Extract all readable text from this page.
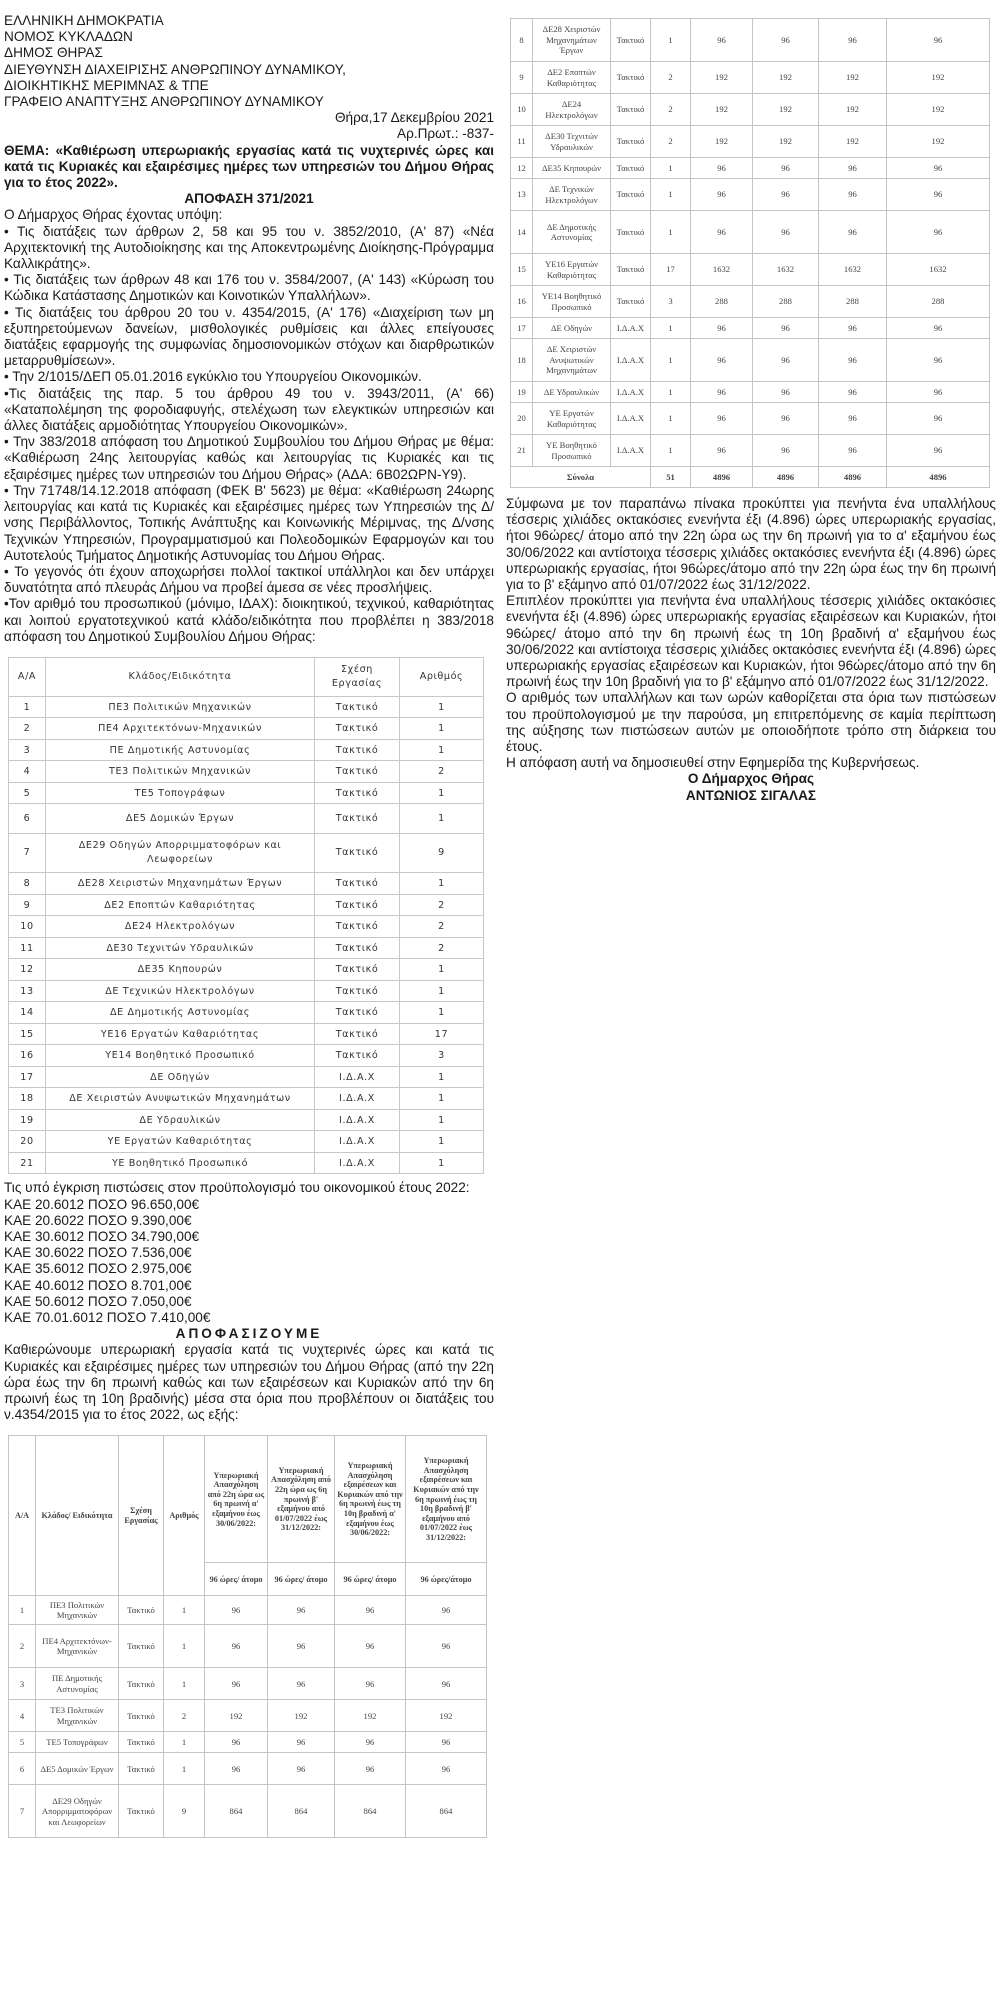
ΕΛΛΗΝΙΚΗ ΔΗΜΟΚΡΑΤΙΑ

ΝΟΜΟΣ ΚΥΚΛΑΔΩΝ

ΔΗΜΟΣ ΘΗΡΑΣ

ΔΙΕΥΘΥΝΣΗ ΔΙΑΧΕΙΡΙΣΗΣ ΑΝΘΡΩΠΙΝΟΥ ΔΥΝΑΜΙΚΟΥ,

ΔΙΟΙΚΗΤΙΚΗΣ ΜΕΡΙΜΝΑΣ & ΤΠΕ

ΓΡΑΦΕΙΟ ΑΝΑΠΤΥΞΗΣ ΑΝΘΡΩΠΙΝΟΥ ΔΥΝΑΜΙΚΟΥ

Θήρα,17 Δεκεμβρίου 2021

Αρ.Πρωτ.: -837-

ΘΕΜΑ: «Καθιέρωση υπερωριακής εργασίας κατά τις νυχτερινές ώρες και κατά τις Κυριακές και εξαιρέσιμες ημέρες των υπηρεσιών του Δήμου Θήρας για το έτος 2022».

ΑΠΟΦΑΣΗ 371/2021

Ο Δήμαρχος Θήρας έχοντας υπόψη:

• Τις διατάξεις των άρθρων 2, 58 και 95 του ν. 3852/2010, (Α' 87) «Νέα Αρχιτεκτονική της Αυτοδιοίκησης και της Αποκεντρωμένης Διοίκησης-Πρόγραμμα Καλλικράτης».

• Τις διατάξεις των άρθρων 48 και 176 του ν. 3584/2007, (Α' 143) «Κύρωση του Κώδικα Κατάστασης Δημοτικών και Κοινοτικών Υπαλλήλων».

• Τις διατάξεις του άρθρου 20 του ν. 4354/2015, (Α' 176) «Διαχείριση των μη εξυπηρετούμενων δανείων, μισθολογικές ρυθμίσεις και άλλες επείγουσες διατάξεις εφαρμογής της συμφωνίας δημοσιονομικών στόχων και διαρθρωτικών μεταρρυθμίσεων».

• Την 2/1015/ΔΕΠ 05.01.2016 εγκύκλιο του Υπουργείου Οικονομικών.

•Τις διατάξεις της παρ. 5 του άρθρου 49 του ν. 3943/2011, (Α' 66) «Καταπολέμηση της φοροδιαφυγής, στελέχωση των ελεγκτικών υπηρεσιών και άλλες διατάξεις αρμοδιότητας Υπουργείου Οικονομικών».

• Την 383/2018 απόφαση του Δημοτικού Συμβουλίου του Δήμου Θήρας με θέμα: «Καθιέρωση 24ης λειτουργίας καθώς και λειτουργίας τις Κυριακές και τις εξαιρέσιμες ημέρες των υπηρεσιών του Δήμου Θήρας» (ΑΔΑ: 6Β02ΩΡΝ-Υ9).

• Την 71748/14.12.2018 απόφαση (ΦΕΚ Β' 5623) με θέμα: «Καθιέρωση 24ωρης λειτουργίας και κατά τις Κυριακές και εξαιρέσιμες ημέρες των Υπηρεσιών της Δ/νσης Περιβάλλοντος, Τοπικής Ανάπτυξης και Κοινωνικής Μέριμνας, της Δ/νσης Τεχνικών Υπηρεσιών, Προγραμματισμού και Πολεοδομικών Εφαρμογών και του Αυτοτελούς Τμήματος Δημοτικής Αστυνομίας του Δήμου Θήρας.

• Το γεγονός ότι έχουν αποχωρήσει πολλοί τακτικοί υπάλληλοι και δεν υπάρχει δυνατότητα από πλευράς Δήμου να προβεί άμεσα σε νέες προσλήψεις.

•Τον αριθμό του προσωπικού (μόνιμο, ΙΔΑΧ): διοικητικού, τεχνικού, καθαριότητας και λοιπού εργατοτεχνικού κατά κλάδο/ειδικότητα που προβλέπει η 383/2018 απόφαση του Δημοτικού Συμβουλίου Δήμου Θήρας:

Α/Α	Κλάδος/Ειδικότητα	Σχέση Εργασίας	Αριθμός
1	ΠΕ3 Πολιτικών Μηχανικών	Τακτικό	1
2	ΠΕ4 Αρχιτεκτόνων-Μηχανικών	Τακτικό	1
3	ΠΕ Δημοτικής Αστυνομίας	Τακτικό	1
4	ΤΕ3 Πολιτικών Μηχανικών	Τακτικό	2
5	ΤΕ5 Τοπογράφων	Τακτικό	1
6	ΔΕ5 Δομικών Έργων	Τακτικό	1
7	ΔΕ29 Οδηγών Απορριμματοφόρων και Λεωφορείων	Τακτικό	9
8	ΔΕ28 Χειριστών Μηχανημάτων Έργων	Τακτικό	1
9	ΔΕ2 Εποπτών Καθαριότητας	Τακτικό	2
10	ΔΕ24 Ηλεκτρολόγων	Τακτικό	2
11	ΔΕ30 Τεχνιτών Υδραυλικών	Τακτικό	2
12	ΔΕ35 Κηπουρών	Τακτικό	1
13	ΔΕ Τεχνικών Ηλεκτρολόγων	Τακτικό	1
14	ΔΕ Δημοτικής Αστυνομίας	Τακτικό	1
15	ΥΕ16 Εργατών Καθαριότητας	Τακτικό	17
16	ΥΕ14 Βοηθητικό Προσωπικό	Τακτικό	3
17	ΔΕ Οδηγών	Ι.Δ.Α.Χ	1
18	ΔΕ Χειριστών Ανυψωτικών Μηχανημάτων	Ι.Δ.Α.Χ	1
19	ΔΕ Υδραυλικών	Ι.Δ.Α.Χ	1
20	ΥΕ Εργατών Καθαριότητας	Ι.Δ.Α.Χ	1
21	ΥΕ Βοηθητικό Προσωπικό	Ι.Δ.Α.Χ	1

Τις υπό έγκριση πιστώσεις στον προϋπολογισμό του οικονομικού έτους 2022:

ΚΑΕ 20.6012 ΠΟΣΟ 96.650,00€

ΚΑΕ 20.6022 ΠΟΣΟ 9.390,00€

ΚΑΕ 30.6012 ΠΟΣΟ 34.790,00€

ΚΑΕ 30.6022 ΠΟΣΟ 7.536,00€

ΚΑΕ 35.6012 ΠΟΣΟ 2.975,00€

ΚΑΕ 40.6012 ΠΟΣΟ 8.701,00€

ΚΑΕ 50.6012 ΠΟΣΟ 7.050,00€

ΚΑΕ 70.01.6012 ΠΟΣΟ 7.410,00€

ΑΠΟΦΑΣΙΖΟΥΜΕ

Καθιερώνουμε υπερωριακή εργασία κατά τις νυχτερινές ώρες και κατά τις Κυριακές και εξαιρέσιμες ημέρες των υπηρεσιών του Δήμου Θήρας (από την 22η ώρα έως την 6η πρωινή καθώς και των εξαιρέσεων και Κυριακών από την 6η πρωινή έως τη 10η βραδινής) μέσα στα όρια που προβλέπουν οι διατάξεις του ν.4354/2015 για το έτος 2022, ως εξής:

Α/Α	Κλάδος/ Ειδικότητα	Σχέση Εργασίας	Αριθμός	Υπερωριακή Απασχόληση από 22η ώρα ως 6η πρωινή α' εξαμήνου έως 30/06/2022:	Υπερωριακή Απασχόληση από 22η ώρα ως 6η πρωινή β' εξαμήνου από 01/07/2022 έως 31/12/2022:	Υπερωριακή Απασχόληση εξαιρέσεων και Κυριακών από την 6η πρωινή έως τη 10η βραδινή α' εξαμήνου έως 30/06/2022:	Υπερωριακή Απασχόληση εξαιρέσεων και Κυριακών από την 6η πρωινή έως τη 10η βραδινή β' εξαμήνου από 01/07/2022 έως 31/12/2022:
				96 ώρες/ άτομο	96 ώρες/ άτομο	96 ώρες/ άτομο	96 ώρες/άτομο
1	ΠΕ3 Πολιτικών Μηχανικών	Τακτικό	1	96	96	96	96
2	ΠΕ4 Αρχιτεκτόνων-Μηχανικών	Τακτικό	1	96	96	96	96
3	ΠΕ Δημοτικής Αστυνομίας	Τακτικό	1	96	96	96	96
4	ΤΕ3 Πολιτικών Μηχανικών	Τακτικό	2	192	192	192	192
5	ΤΕ5 Τοπογράφων	Τακτικό	1	96	96	96	96
6	ΔΕ5 Δομικών Έργων	Τακτικό	1	96	96	96	96
7	ΔΕ29 Οδηγών Απορριμματοφόρων και Λεωφορείων	Τακτικό	9	864	864	864	864
8	ΔΕ28 Χειριστών Μηχανημάτων Έργων	Τακτικό	1	96	96	96	96
9	ΔΕ2 Εποπτών Καθαριότητας	Τακτικό	2	192	192	192	192
10	ΔΕ24 Ηλεκτρολόγων	Τακτικό	2	192	192	192	192
11	ΔΕ30 Τεχνιτών Υδραυλικών	Τακτικό	2	192	192	192	192
12	ΔΕ35 Κηπουρών	Τακτικό	1	96	96	96	96
13	ΔΕ Τεχνικών Ηλεκτρολόγων	Τακτικό	1	96	96	96	96
14	ΔΕ Δημοτικής Αστυνομίας	Τακτικό	1	96	96	96	96
15	ΥΕ16 Εργατών Καθαριότητας	Τακτικό	17	1632	1632	1632	1632
16	ΥΕ14 Βοηθητικό Προσωπικό	Τακτικό	3	288	288	288	288
17	ΔΕ Οδηγών	Ι.Δ.Α.Χ	1	96	96	96	96
18	ΔΕ Χειριστών Ανυψωτικών Μηχανημάτων	Ι.Δ.Α.Χ	1	96	96	96	96
19	ΔΕ Υδραυλικών	Ι.Δ.Α.Χ	1	96	96	96	96
20	ΥΕ Εργατών Καθαριότητας	Ι.Δ.Α.Χ	1	96	96	96	96
21	ΥΕ Βοηθητικό Προσωπικό	Ι.Δ.Α.Χ	1	96	96	96	96
Σύνολα			51	4896	4896	4896	4896

Σύμφωνα με τον παραπάνω πίνακα προκύπτει για πενήντα ένα υπαλλήλους τέσσερις χιλιάδες οκτακόσιες ενενήντα έξι (4.896) ώρες υπερωριακής εργασίας, ήτοι 96ώρες/ άτομο από την 22η ώρα ως την 6η πρωινή για το α' εξαμήνου έως 30/06/2022 και αντίστοιχα τέσσερις χιλιάδες οκτακόσιες ενενήντα έξι (4.896) ώρες υπερωριακής εργασίας, ήτοι 96ώρες/άτομο από την 22η ώρα έως την 6η πρωινή για το β' εξάμηνο από 01/07/2022 έως 31/12/2022.

Επιπλέον προκύπτει για πενήντα ένα υπαλλήλους τέσσερις χιλιάδες οκτακόσιες ενενήντα έξι (4.896) ώρες υπερωριακής εργασίας εξαιρέσεων και Κυριακών, ήτοι 96ώρες/ άτομο από την 6η πρωινή έως τη 10η βραδινή α' εξαμήνου έως 30/06/2022 και αντίστοιχα τέσσερις χιλιάδες οκτακόσιες ενενήντα έξι (4.896) ώρες υπερωριακής εργασίας εξαιρέσεων και Κυριακών, ήτοι 96ώρες/άτομο από την 6η πρωινή έως την 10η βραδινή για το β' εξάμηνο από 01/07/2022 έως 31/12/2022.

Ο αριθμός των υπαλλήλων και των ωρών καθορίζεται στα όρια των πιστώσεων του προϋπολογισμού με την παρούσα, μη επιτρεπόμενης σε καμία περίπτωση της αύξησης των πιστώσεων αυτών με οποιοδήποτε τρόπο στη διάρκεια του έτους.

Η απόφαση αυτή να δημοσιευθεί στην Εφημερίδα της Κυβερνήσεως.

Ο Δήμαρχος Θήρας

ΑΝΤΩΝΙΟΣ ΣΙΓΑΛΑΣ
